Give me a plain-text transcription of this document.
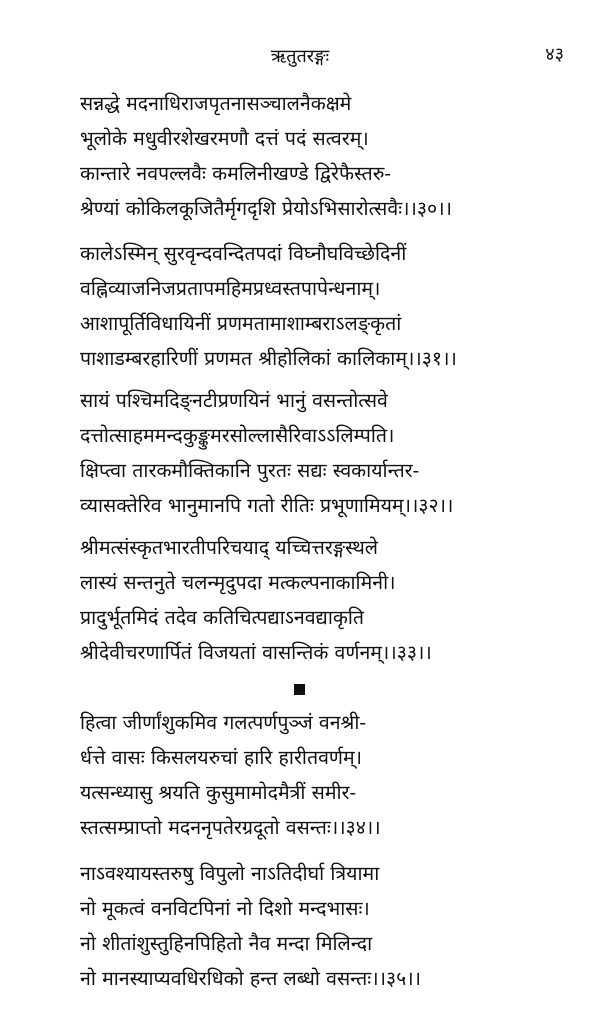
ऋतुतरङ्गः	४३
सन्नद्धे मदनाधिराजपृतनासञ्चालनैकक्षमे
भूलोके मधुवीरशेखरमणौ दत्तं पदं सत्वरम्।
कान्तारे नवपल्लवैः कमलिनीखण्डे द्विरेफैस्तरु-
श्रेण्यां कोकिलकूजितैर्मृगदृशि प्रेयोऽभिसारोत्सवैः।।३०।।
कालेऽस्मिन् सुरवृन्दवन्दितपदां विघ्नौघविच्छेदिनीं
वह्निव्याजनिजप्रतापमहिमप्रध्वस्तपापेन्धनाम्।
आशापूर्तिविधायिनीं प्रणमतामाशाम्बराऽलङ्कृतां
पाशाडम्बरहारिणीं प्रणमत श्रीहोलिकां कालिकाम्।।३१।।
सायं पश्चिमदिङ्नटीप्रणयिनं भानुं वसन्तोत्सवे
दत्तोत्साहममन्दकुङ्कुमरसोल्लासैरिवाऽऽलिम्पति।
क्षिप्त्वा तारकमौक्तिकानि पुरतः सद्यः स्वकार्यान्तर-
व्यासक्तेरिव भानुमानपि गतो रीतिः प्रभूणामियम्।।३२।।
श्रीमत्संस्कृतभारतीपरिचयाद् यच्चित्तरङ्गस्थले
लास्यं सन्तनुते चलन्मृदुपदा मत्कल्पनाकामिनी।
प्रादुर्भूतमिदं तदेव कतिचित्पद्याऽनवद्याकृति
श्रीदेवीचरणार्पितं विजयतां वासन्तिकं वर्णनम्।।३३।।
हित्वा जीर्णांशुकमिव गलत्पर्णपुञ्जं वनश्री-
र्धत्ते वासः किसलयरुचां हारि हारीतवर्णम्।
यत्सन्ध्यासु श्रयति कुसुमामोदमैत्रीं समीर-
स्तत्सम्प्राप्तो मदननृपतेरग्रदूतो वसन्तः।।३४।।
नाऽवश्यायस्तरुषु विपुलो नाऽतिदीर्घा त्रियामा
नो मूकत्वं वनविटपिनां नो दिशो मन्दभासः।
नो शीतांशुस्तुहिनपिहितो नैव मन्दा मिलिन्दा
नो मानस्याप्यवधिरधिको हन्त लब्धो वसन्तः।।३५।।
